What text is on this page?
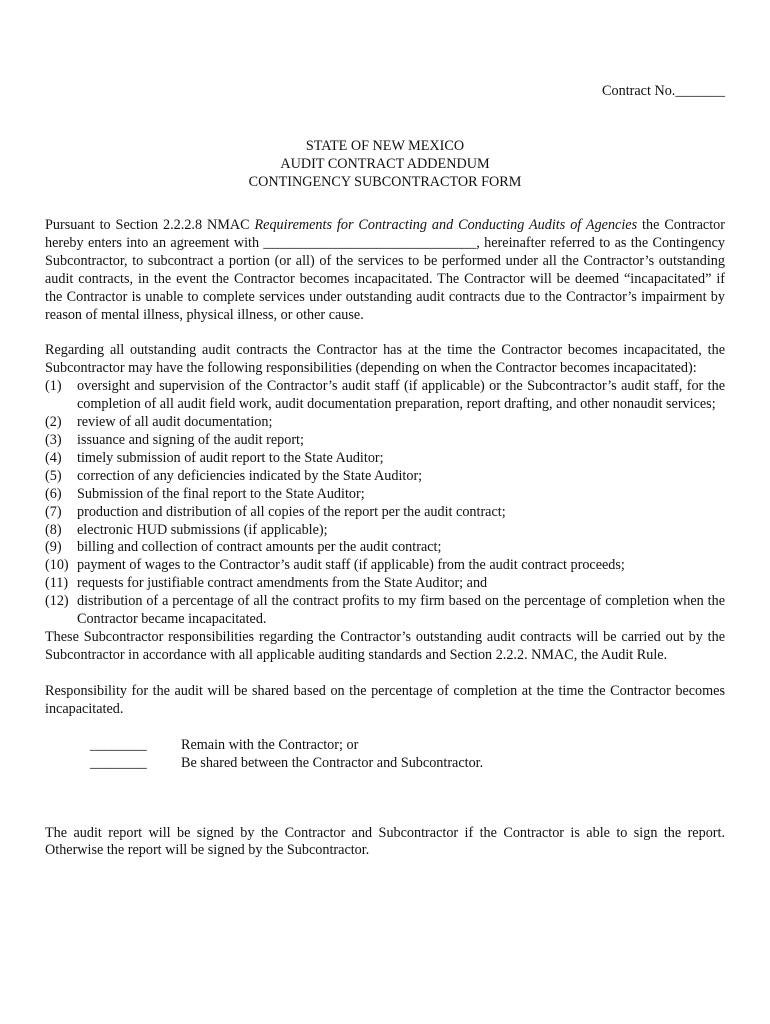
Contract No._______
STATE OF NEW MEXICO
AUDIT CONTRACT ADDENDUM
CONTINGENCY SUBCONTRACTOR FORM

Pursuant to Section 2.2.2.8 NMAC Requirements for Contracting and Conducting Audits of Agencies the Contractor hereby enters into an agreement with ______________________________, hereinafter referred to as the Contingency Subcontractor, to subcontract a portion (or all) of the services to be performed under all the Contractor’s outstanding audit contracts, in the event the Contractor becomes incapacitated. The Contractor will be deemed “incapacitated” if the Contractor is unable to complete services under outstanding audit contracts due to the Contractor’s impairment by reason of mental illness, physical illness, or other cause.

Regarding all outstanding audit contracts the Contractor has at the time the Contractor becomes incapacitated, the Subcontractor may have the following responsibilities (depending on when the Contractor becomes incapacitated):

(1)	oversight and supervision of the Contractor’s audit staff (if applicable) or the Subcontractor’s audit staff, for the completion of all audit field work, audit documentation preparation, report drafting, and other nonaudit services;
(2)	review of all audit documentation;
(3)	issuance and signing of the audit report;
(4)	timely submission of audit report to the State Auditor;
(5)	correction of any deficiencies indicated by the State Auditor;
(6)	Submission of the final report to the State Auditor;
(7)	production and distribution of all copies of the report per the audit contract;
(8)	electronic HUD submissions (if applicable);
(9)	billing and collection of contract amounts per the audit contract;
(10) payment of wages to the Contractor’s audit staff (if applicable) from the audit contract proceeds;
(11) requests for justifiable contract amendments from the State Auditor; and
(12) distribution of a percentage of all the contract profits to my firm based on the percentage of completion when the Contractor became incapacitated.

These Subcontractor responsibilities regarding the Contractor’s outstanding audit contracts will be carried out by the Subcontractor in accordance with all applicable auditing standards and Section 2.2.2. NMAC, the Audit Rule.

Responsibility for the audit will be shared based on the percentage of completion at the time the Contractor becomes incapacitated.

________ Remain with the Contractor; or
________ Be shared between the Contractor and Subcontractor.

The audit report will be signed by the Contractor and Subcontractor if the Contractor is able to sign the report. Otherwise the report will be signed by the Subcontractor.
